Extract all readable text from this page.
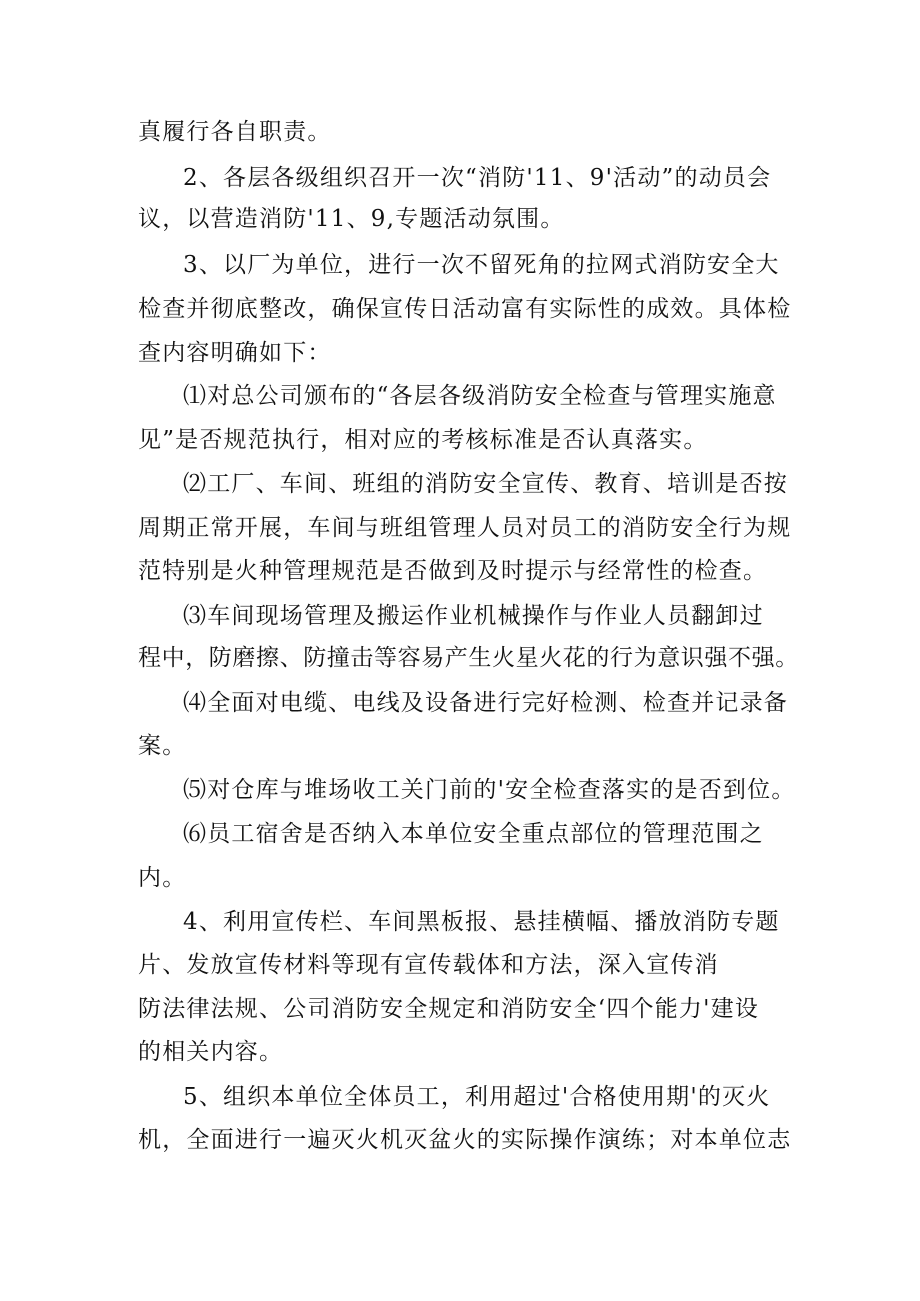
真履行各自职责。
2、各层各级组织召开一次“消防'11、9'活动”的动员会
议，以营造消防'11、9,专题活动氛围。
3、以厂为单位，进行一次不留死角的拉网式消防安全大
检查并彻底整改，确保宣传日活动富有实际性的成效。具体检
查内容明确如下：
⑴对总公司颁布的“各层各级消防安全检查与管理实施意
见”是否规范执行，相对应的考核标准是否认真落实。
⑵工厂、车间、班组的消防安全宣传、教育、培训是否按
周期正常开展，车间与班组管理人员对员工的消防安全行为规
范特别是火种管理规范是否做到及时提示与经常性的检查。
⑶车间现场管理及搬运作业机械操作与作业人员翻卸过
程中，防磨擦、防撞击等容易产生火星火花的行为意识强不强。
⑷全面对电缆、电线及设备进行完好检测、检查并记录备
案。
⑸对仓库与堆场收工关门前的'安全检查落实的是否到位。
⑹员工宿舍是否纳入本单位安全重点部位的管理范围之
内。
4、利用宣传栏、车间黑板报、悬挂横幅、播放消防专题
片、发放宣传材料等现有宣传载体和方法，深入宣传消
防法律法规、公司消防安全规定和消防安全‘四个能力'建设
的相关内容。
5、组织本单位全体员工，利用超过'合格使用期'的灭火
机，全面进行一遍灭火机灭盆火的实际操作演练；对本单位志
